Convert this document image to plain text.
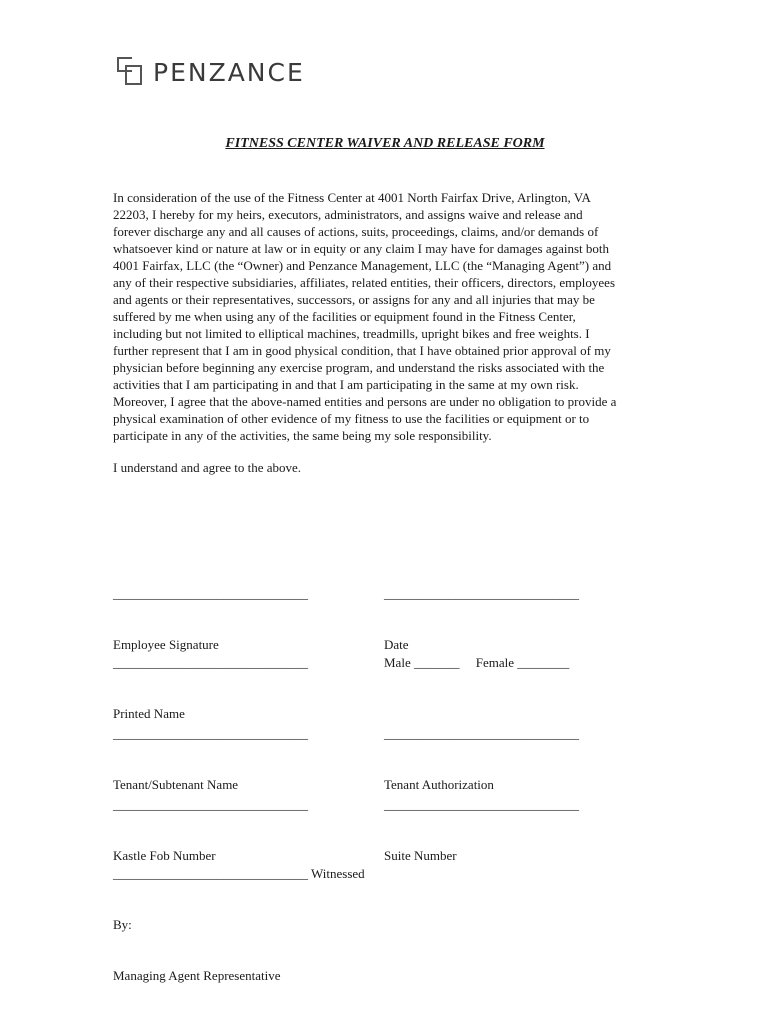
PENZANCE
FITNESS CENTER WAIVER AND RELEASE FORM
In consideration of the use of the Fitness Center at 4001 North Fairfax Drive, Arlington, VA
22203, I hereby for my heirs, executors, administrators, and assigns waive and release and
forever discharge any and all causes of actions, suits, proceedings, claims, and/or demands of
whatsoever kind or nature at law or in equity or any claim I may have for damages against both
4001 Fairfax, LLC (the “Owner) and Penzance Management, LLC (the “Managing Agent”) and
any of their respective subsidiaries, affiliates, related entities, their officers, directors, employees
and agents or their representatives, successors, or assigns for any and all injuries that may be
suffered by me when using any of the facilities or equipment found in the Fitness Center,
including but not limited to elliptical machines, treadmills, upright bikes and free weights. I
further represent that I am in good physical condition, that I have obtained prior approval of my
physician before beginning any exercise program, and understand the risks associated with the
activities that I am participating in and that I am participating in the same at my own risk.
Moreover, I agree that the above-named entities and persons are under no obligation to provide a
physical examination of other evidence of my fitness to use the facilities or equipment or to
participate in any of the activities, the same being my sole responsibility.
I understand and agree to the above.

______________________________

Employee Signature

______________________________

Date

______________________________

Printed Name

Male _______     Female ________

______________________________

Tenant/Subtenant Name

______________________________

Tenant Authorization

______________________________

Kastle Fob Number

______________________________

Suite Number

______________________________ Witnessed

By:

Managing Agent Representative
